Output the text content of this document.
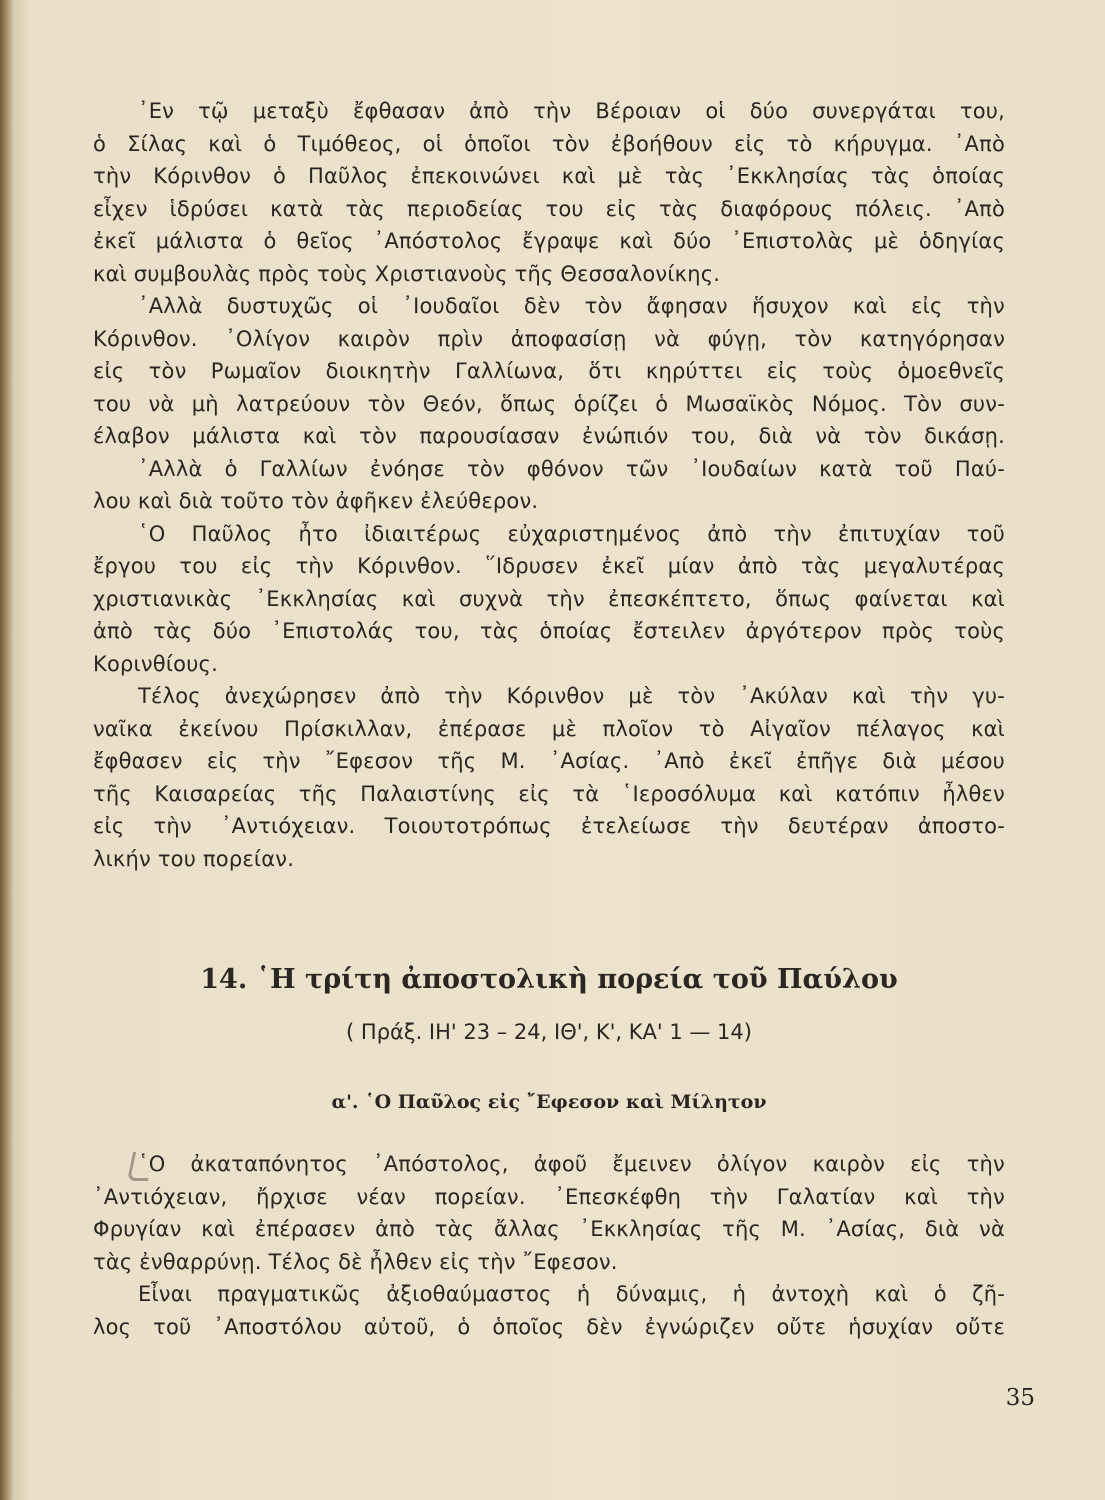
᾿Εν τῷ μεταξὺ ἔφθασαν ἀπὸ τὴν Βέροιαν οἱ δύο συνεργάται του,

ὁ Σίλας καὶ ὁ Τιμόθεος, οἱ ὁποῖοι τὸν ἐβοήθουν εἰς τὸ κήρυγμα. ᾿Απὸ

τὴν Κόρινθον ὁ Παῦλος ἐπεκοινώνει καὶ μὲ τὰς ᾿Εκκλησίας τὰς ὁποίας

εἶχεν ἱδρύσει κατὰ τὰς περιοδείας του εἰς τὰς διαφόρους πόλεις. ᾿Απὸ

ἐκεῖ μάλιστα ὁ θεῖος ᾿Απόστολος ἔγραψε καὶ δύο ᾿Επιστολὰς μὲ ὁδηγίας

καὶ συμβουλὰς πρὸς τοὺς Χριστιανοὺς τῆς Θεσσαλονίκης.

᾿Αλλὰ δυστυχῶς οἱ ᾿Ιουδαῖοι δὲν τὸν ἄφησαν ἥσυχον καὶ εἰς τὴν

Κόρινθον. ᾿Ολίγον καιρὸν πρὶν ἀποφασίσῃ νὰ φύγῃ, τὸν κατηγόρησαν

εἰς τὸν Ρωμαῖον διοικητὴν Γαλλίωνα, ὅτι κηρύττει εἰς τοὺς ὁμοεθνεῖς

του νὰ μὴ λατρεύουν τὸν Θεόν, ὅπως ὁρίζει ὁ Μωσαϊκὸς Νόμος. Τὸν συν-

έλαβον μάλιστα καὶ τὸν παρουσίασαν ἐνώπιόν του, διὰ νὰ τὸν δικάσῃ.

᾿Αλλὰ ὁ Γαλλίων ἐνόησε τὸν φθόνον τῶν ᾿Ιουδαίων κατὰ τοῦ Παύ-

λου καὶ διὰ τοῦτο τὸν ἀφῆκεν ἐλεύθερον.

῾Ο Παῦλος ἦτο ἰδιαιτέρως εὐχαριστημένος ἀπὸ τὴν ἐπιτυχίαν τοῦ

ἔργου του εἰς τὴν Κόρινθον. ῞Ιδρυσεν ἐκεῖ μίαν ἀπὸ τὰς μεγαλυτέρας

χριστιανικὰς ᾿Εκκλησίας καὶ συχνὰ τὴν ἐπεσκέπτετο, ὅπως φαίνεται καὶ

ἀπὸ τὰς δύο ᾿Επιστολάς του, τὰς ὁποίας ἔστειλεν ἀργότερον πρὸς τοὺς

Κορινθίους.

Τέλος ἀνεχώρησεν ἀπὸ τὴν Κόρινθον μὲ τὸν ᾿Ακύλαν καὶ τὴν γυ-

ναῖκα ἐκείνου Πρίσκιλλαν, ἐπέρασε μὲ πλοῖον τὸ Αἰγαῖον πέλαγος καὶ

ἔφθασεν εἰς τὴν ῎Εφεσον τῆς Μ. ᾿Ασίας. ᾿Απὸ ἐκεῖ ἐπῆγε διὰ μέσου

τῆς Καισαρείας τῆς Παλαιστίνης εἰς τὰ ῾Ιεροσόλυμα καὶ κατόπιν ἦλθεν

εἰς τὴν ᾿Αντιόχειαν. Τοιουτοτρόπως ἐτελείωσε τὴν δευτέραν ἀποστο-

λικήν του πορείαν.

14. ῾Η τρίτη ἀποστολικὴ πορεία τοῦ Παύλου

( Πράξ. ΙΗ' 23 – 24, ΙΘ', Κ', ΚΑ' 1 — 14)

α'. ῾Ο Παῦλος εἰς ῎Εφεσον καὶ Μίλητον

῾Ο ἀκαταπόνητος ᾿Απόστολος, ἀφοῦ ἔμεινεν ὀλίγον καιρὸν εἰς τὴν

᾿Αντιόχειαν, ἤρχισε νέαν πορείαν. ᾿Επεσκέφθη τὴν Γαλατίαν καὶ τὴν

Φρυγίαν καὶ ἐπέρασεν ἀπὸ τὰς ἄλλας ᾿Εκκλησίας τῆς Μ. ᾿Ασίας, διὰ νὰ

τὰς ἐνθαρρύνῃ. Τέλος δὲ ἦλθεν εἰς τὴν ῎Εφεσον.

Εἶναι πραγματικῶς ἀξιοθαύμαστος ἡ δύναμις, ἡ ἀντοχὴ καὶ ὁ ζῆ-

λος τοῦ ᾿Αποστόλου αὐτοῦ, ὁ ὁποῖος δὲν ἐγνώριζεν οὔτε ἡσυχίαν οὔτε

35
